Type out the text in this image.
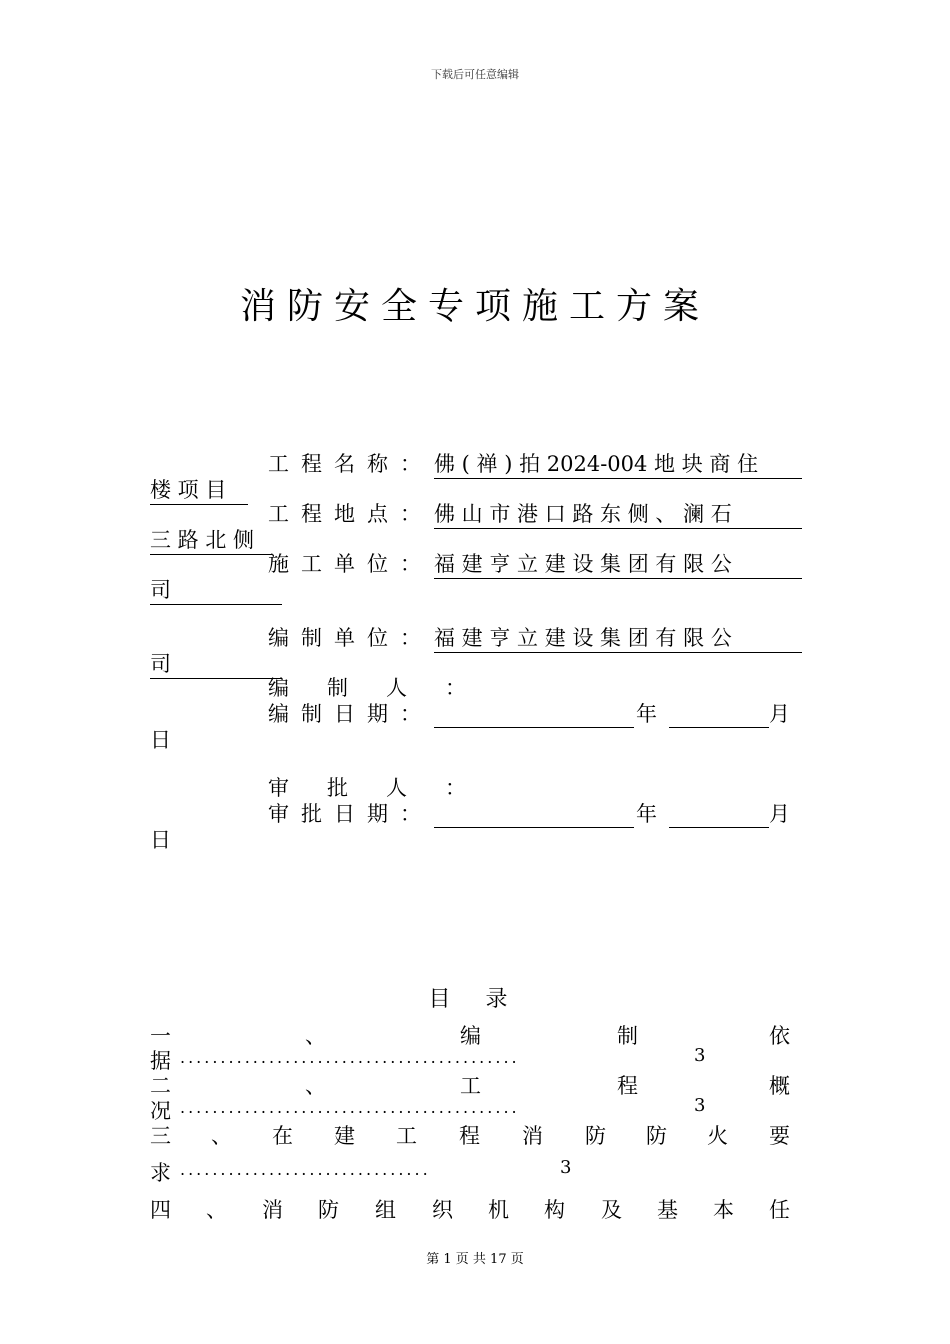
下载后可任意编辑
消防安全专项施工方案
工程名称： 佛 ( 禅 ) 拍 2024-004 地 块 商 住
楼 项 目
工程地点： 佛 山 市 港 口 路 东 侧 、 澜 石
三 路 北 侧
施工单位： 福 建 亨 立 建 设 集 团 有 限 公
司
编制单位： 福 建 亨 立 建 设 集 团 有 限 公
司
编制人：
编制日期：	年	月
日
审批人：
审批日期：	年	月
日
目 录
一	、	编	制	依
据 ..........................................	3
二	、	工	程	概
况 ..........................................	3
三 、 在 建 工 程 消 防 防 火 要
求 ...............................	3
四 、 消 防 组 织 机 构 及 基 本 任
第 1 页 共 17 页
